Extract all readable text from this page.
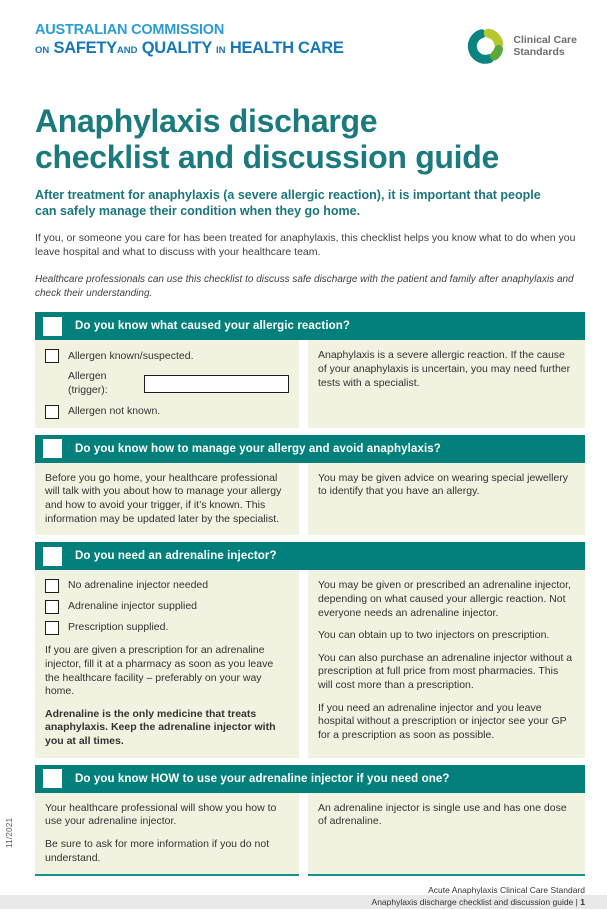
AUSTRALIAN COMMISSION
ON SAFETYAND QUALITY IN HEALTH CARE	Clinical Care
Standards
Anaphylaxis discharge
checklist and discussion guide

After treatment for anaphylaxis (a severe allergic reaction), it is important that people can safely manage their condition when they go home.

If you, or someone you care for has been treated for anaphylaxis, this checklist helps you know what to do when you leave hospital and what to discuss with your healthcare team.

Healthcare professionals can use this checklist to discuss safe discharge with the patient and family after anaphylaxis and check their understanding.

Do you know what caused your allergic reaction?
Allergen known/suspected.
Allergen (trigger):
Allergen not known.

Anaphylaxis is a severe allergic reaction. If the cause of your anaphylaxis is uncertain, you may need further tests with a specialist.

Do you know how to manage your allergy and avoid anaphylaxis?

Before you go home, your healthcare professional will talk with you about how to manage your allergy and how to avoid your trigger, if it’s known. This information may be updated later by the specialist.

You may be given advice on wearing special jewellery to identify that you have an allergy.

Do you need an adrenaline injector?
No adrenaline injector needed
Adrenaline injector supplied
Prescription supplied.

If you are given a prescription for an adrenaline injector, fill it at a pharmacy as soon as you leave the healthcare facility – preferably on your way home.

Adrenaline is the only medicine that treats anaphylaxis. Keep the adrenaline injector with you at all times.

You may be given or prescribed an adrenaline injector, depending on what caused your allergic reaction. Not everyone needs an adrenaline injector.

You can obtain up to two injectors on prescription.

You can also purchase an adrenaline injector without a prescription at full price from most pharmacies. This will cost more than a prescription.

If you need an adrenaline injector and you leave hospital without a prescription or injector see your GP for a prescription as soon as possible.

Do you know HOW to use your adrenaline injector if you need one?

Your healthcare professional will show you how to use your adrenaline injector.

Be sure to ask for more information if you do not understand.

An adrenaline injector is single use and has one dose of adrenaline.

Acute Anaphylaxis Clinical Care Standard
Anaphylaxis discharge checklist and discussion guide | 1
11/2021
